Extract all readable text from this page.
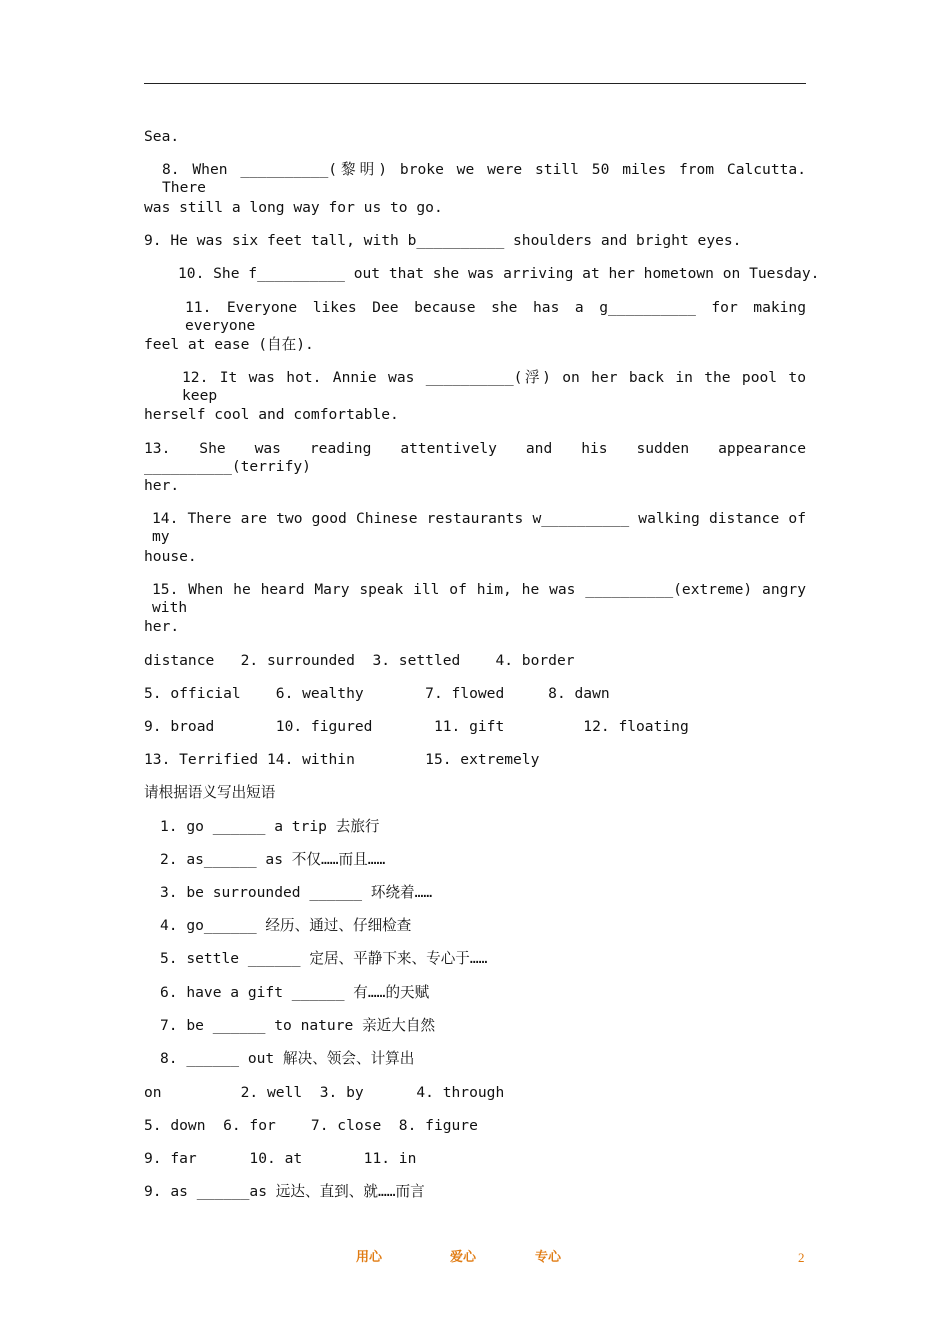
Sea.
8. When __________(黎明) broke we were still 50 miles from Calcutta. There
was still a long way for us to go.
9. He was six feet tall, with b__________ shoulders and bright eyes.
10. She f__________ out that she was arriving at her hometown on Tuesday.
11. Everyone likes Dee because she has a g__________ for making everyone
feel at ease (自在).
12. It was hot. Annie was __________(浮) on her back in the pool to keep
herself cool and comfortable.
13. She was reading attentively and his sudden appearance __________(terrify)
her.
14. There are two good Chinese restaurants w__________ walking distance of my
house.
15. When he heard Mary speak ill of him, he was __________(extreme) angry with
her.
distance   2. surrounded  3. settled    4. border
5. official    6. wealthy       7. flowed     8. dawn
9. broad       10. figured       11. gift         12. floating
13. Terrified 14. within        15. extremely
请根据语义写出短语
1. go ______ a trip 去旅行
2. as______ as 不仅……而且……
3. be surrounded ______ 环绕着……
4. go______ 经历、通过、仔细检查
5. settle ______ 定居、平静下来、专心于……
6. have a gift ______ 有……的天赋
7. be ______ to nature 亲近大自然
8. ______ out 解决、领会、计算出
on         2. well  3. by      4. through
5. down  6. for    7. close  8. figure
9. far      10. at       11. in
9. as ______as 远达、直到、就……而言
用心	爱心	专心	2
